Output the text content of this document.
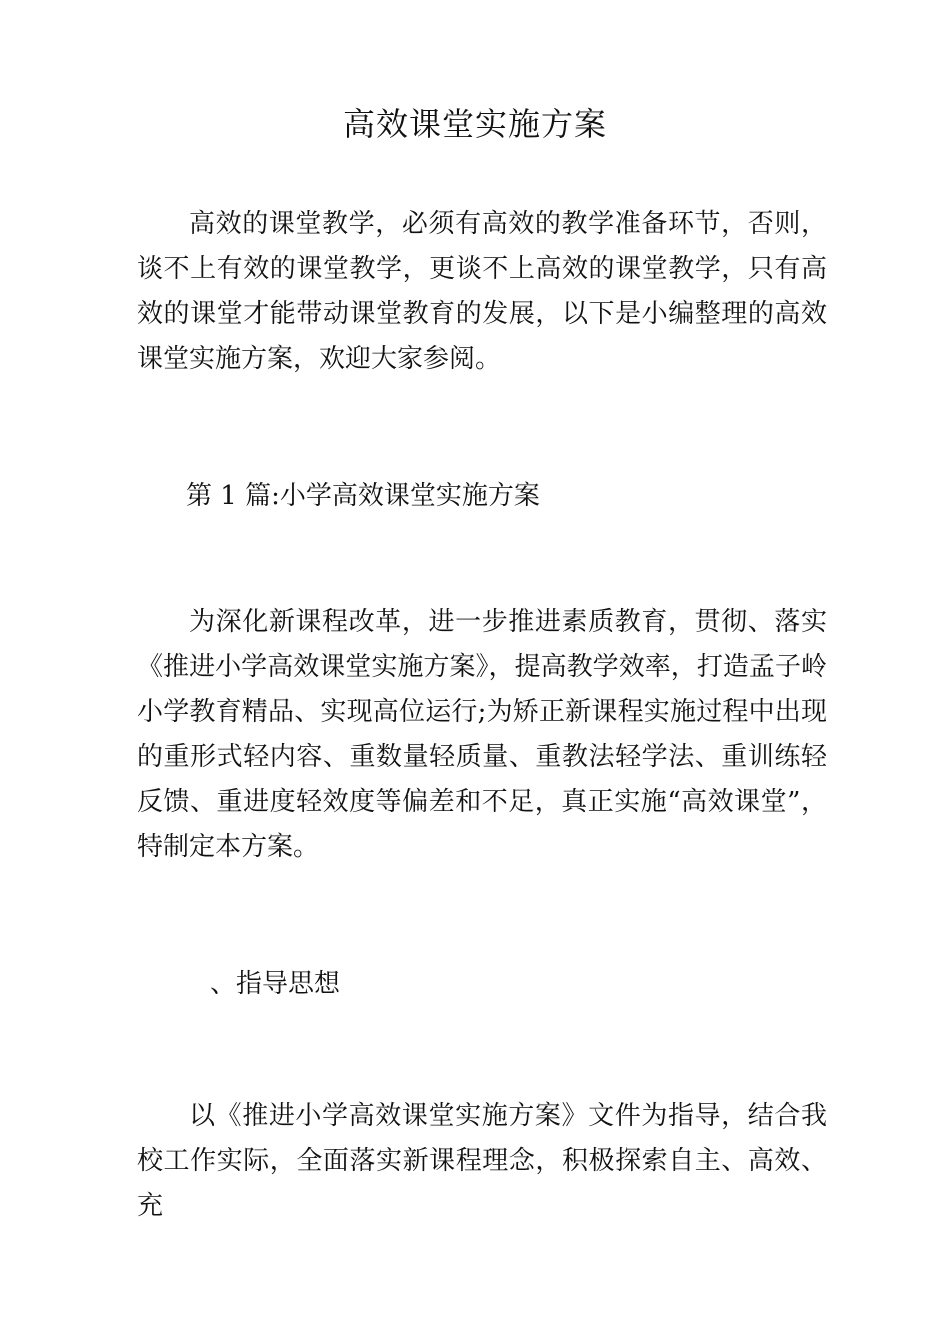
高效课堂实施方案
高效的课堂教学，必须有高效的教学准备环节，否则，谈不上有效的课堂教学，更谈不上高效的课堂教学，只有高效的课堂才能带动课堂教育的发展，以下是小编整理的高效课堂实施方案，欢迎大家参阅。
第 1 篇:小学高效课堂实施方案
为深化新课程改革，进一步推进素质教育，贯彻、落实《推进小学高效课堂实施方案》，提高教学效率，打造孟子岭小学教育精品、实现高位运行;为矫正新课程实施过程中出现的重形式轻内容、重数量轻质量、重教法轻学法、重训练轻反馈、重进度轻效度等偏差和不足，真正实施“高效课堂”，特制定本方案。
、指导思想
以《推进小学高效课堂实施方案》文件为指导，结合我校工作实际，全面落实新课程理念，积极探索自主、高效、充
